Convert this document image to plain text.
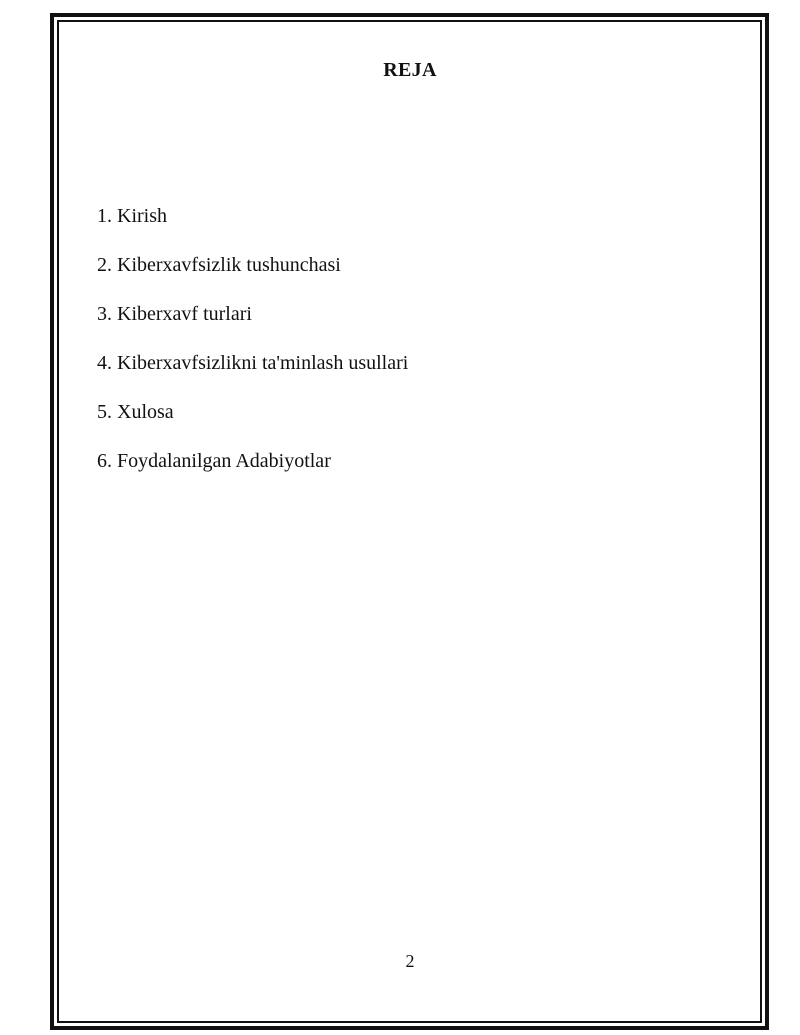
REJA
1. Kirish
2. Kiberxavfsizlik tushunchasi
3. Kiberxavf turlari
4. Kiberxavfsizlikni ta'minlash usullari
5. Xulosa
6. Foydalanilgan Adabiyotlar
2
